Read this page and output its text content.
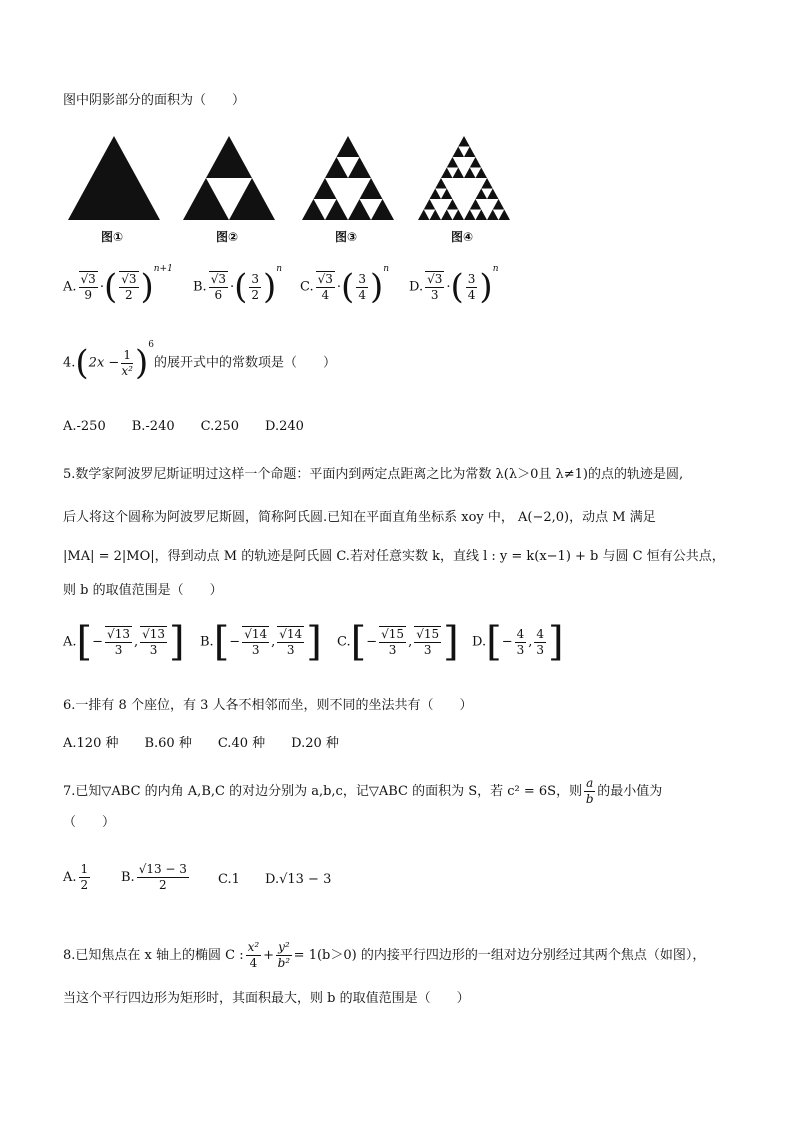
图中阴影部分的面积为（　　）
图①	图②	图③	图④
A. $\frac{√3}{9}$ ·( $\frac{√3}{2} )^{n+1}$
B. $\frac{√3}{6}$ ·( $\frac{3}{2} )^n$
C. $\frac{√3}{4}$ ·( $\frac{3}{4} )^n$
D. $\frac{√3}{3}$ ·( $\frac{3}{4} )^n$
$4.(2x - \frac{1}{\text{x²}} )^6$的展开式中的常数项是（　　）
A.-250　　B.-240　　C.250　　D.240
5.数学家阿波罗尼斯证明过这样一个命题：平面内到两定点距离之比为常数 λ(λ＞0且 λ≠1)的点的轨迹是圆,
后人将这个圆称为阿波罗尼斯圆，简称阿氏圆.已知在平面直角坐标系 xoy 中， A(−2,0)，动点 M 满足
|MA| = 2|MO|，得到动点 M 的轨迹是阿氏圆 C.若对任意实数 k，直线 l : y = k(x−1) + b 与圆 C 恒有公共点，
则 b 的取值范围是（　　）
$A.[- \frac{√13}{3}$ , $\frac{√13}{3}$ ] $B.[- \frac{√14}{3}$ , $\frac{√14}{3}$ ] $C.[- \frac{√15}{3}$ , $\frac{√15}{3}$ ] $D.[- \frac{4}{3}$ , $\frac{4}{3}$ ]
6.一排有 8 个座位，有 3 人各不相邻而坐，则不同的坐法共有（　　）
A.120 种　　B.60 种　　C.40 种　　D.20 种
7.已知▽ABC 的内角 A,B,C 的对边分别为 a,b,c，记▽ABC 的面积为 S，若 c² = 6S，则 $\frac{a}{b}$ 的最小值为
（　　）
A. $\frac{1}{2} B$. $\frac{√13 - 3}{2} C.1$ D.√13 − 3
8.已知焦点在 x 轴上的椭圆 C : $\frac{\text{x²}}{4} + \frac{\text{y²}}{\text{b²}} = 1(b>0)$ 的内接平行四边形的一组对边分别经过其两个焦点（如图），
当这个平行四边形为矩形时，其面积最大，则 b 的取值范围是（　　）
